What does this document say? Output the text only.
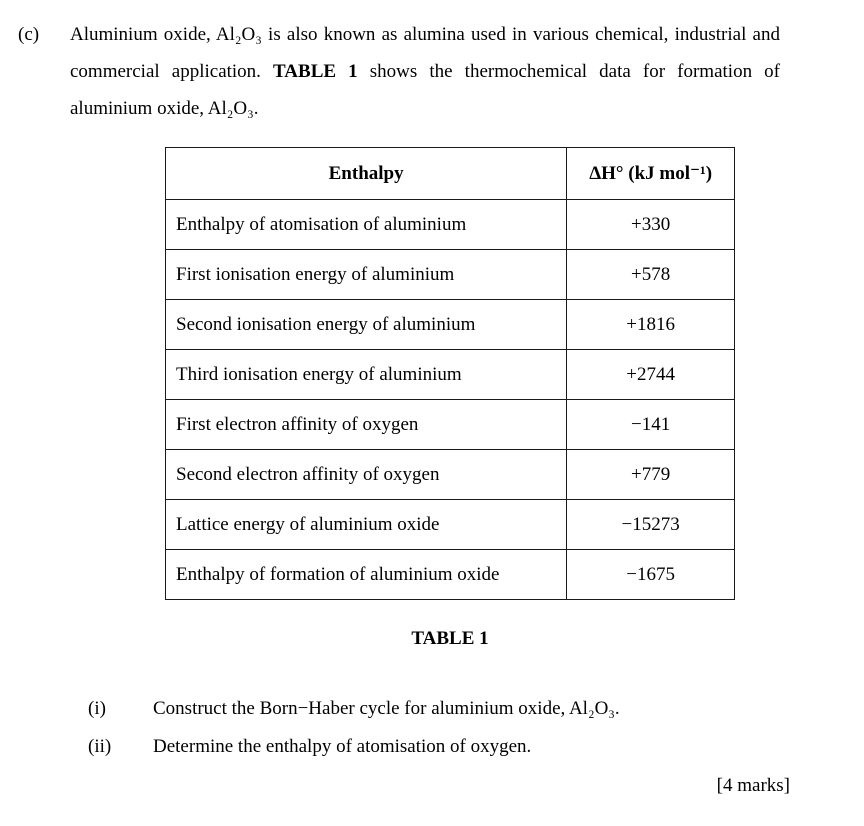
(c)	Aluminium oxide, Al₂O₃ is also known as alumina used in various chemical, industrial and commercial application. TABLE 1 shows the thermochemical data for formation of aluminium oxide, Al₂O₃.
Enthalpy	ΔH° (kJ mol⁻¹)
Enthalpy of atomisation of aluminium	+330
First ionisation energy of aluminium	+578
Second ionisation energy of aluminium	+1816
Third ionisation energy of aluminium	+2744
First electron affinity of oxygen	−141
Second electron affinity of oxygen	+779
Lattice energy of aluminium oxide	−15273
Enthalpy of formation of aluminium oxide	−1675
TABLE 1
(i)	Construct the Born−Haber cycle for aluminium oxide, Al₂O₃.
(ii)	Determine the enthalpy of atomisation of oxygen.
[4 marks]
